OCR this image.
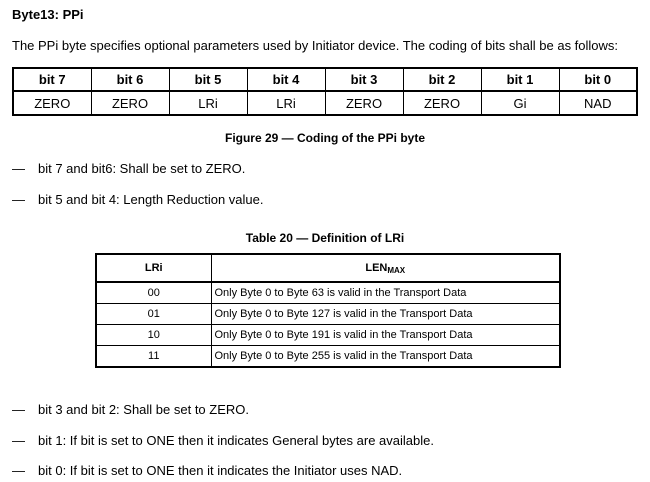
Byte13: PPi
The PPi byte specifies optional parameters used by Initiator device. The coding of bits shall be as follows:
bit 7	bit 6	bit 5	bit 4	bit 3	bit 2	bit 1	bit 0
ZERO	ZERO	LRi	LRi	ZERO	ZERO	Gi	NAD
Figure 29 — Coding of the PPi byte
— bit 7 and bit6: Shall be set to ZERO.
— bit 5 and bit 4: Length Reduction value.
Table 20 — Definition of LRi
LRi	$LEN_{MAX}$
00	Only Byte 0 to Byte 63 is valid in the Transport Data
01	Only Byte 0 to Byte 127 is valid in the Transport Data
10	Only Byte 0 to Byte 191 is valid in the Transport Data
11	Only Byte 0 to Byte 255 is valid in the Transport Data
— bit 3 and bit 2: Shall be set to ZERO.
— bit 1: If bit is set to ONE then it indicates General bytes are available.
— bit 0: If bit is set to ONE then it indicates the Initiator uses NAD.
